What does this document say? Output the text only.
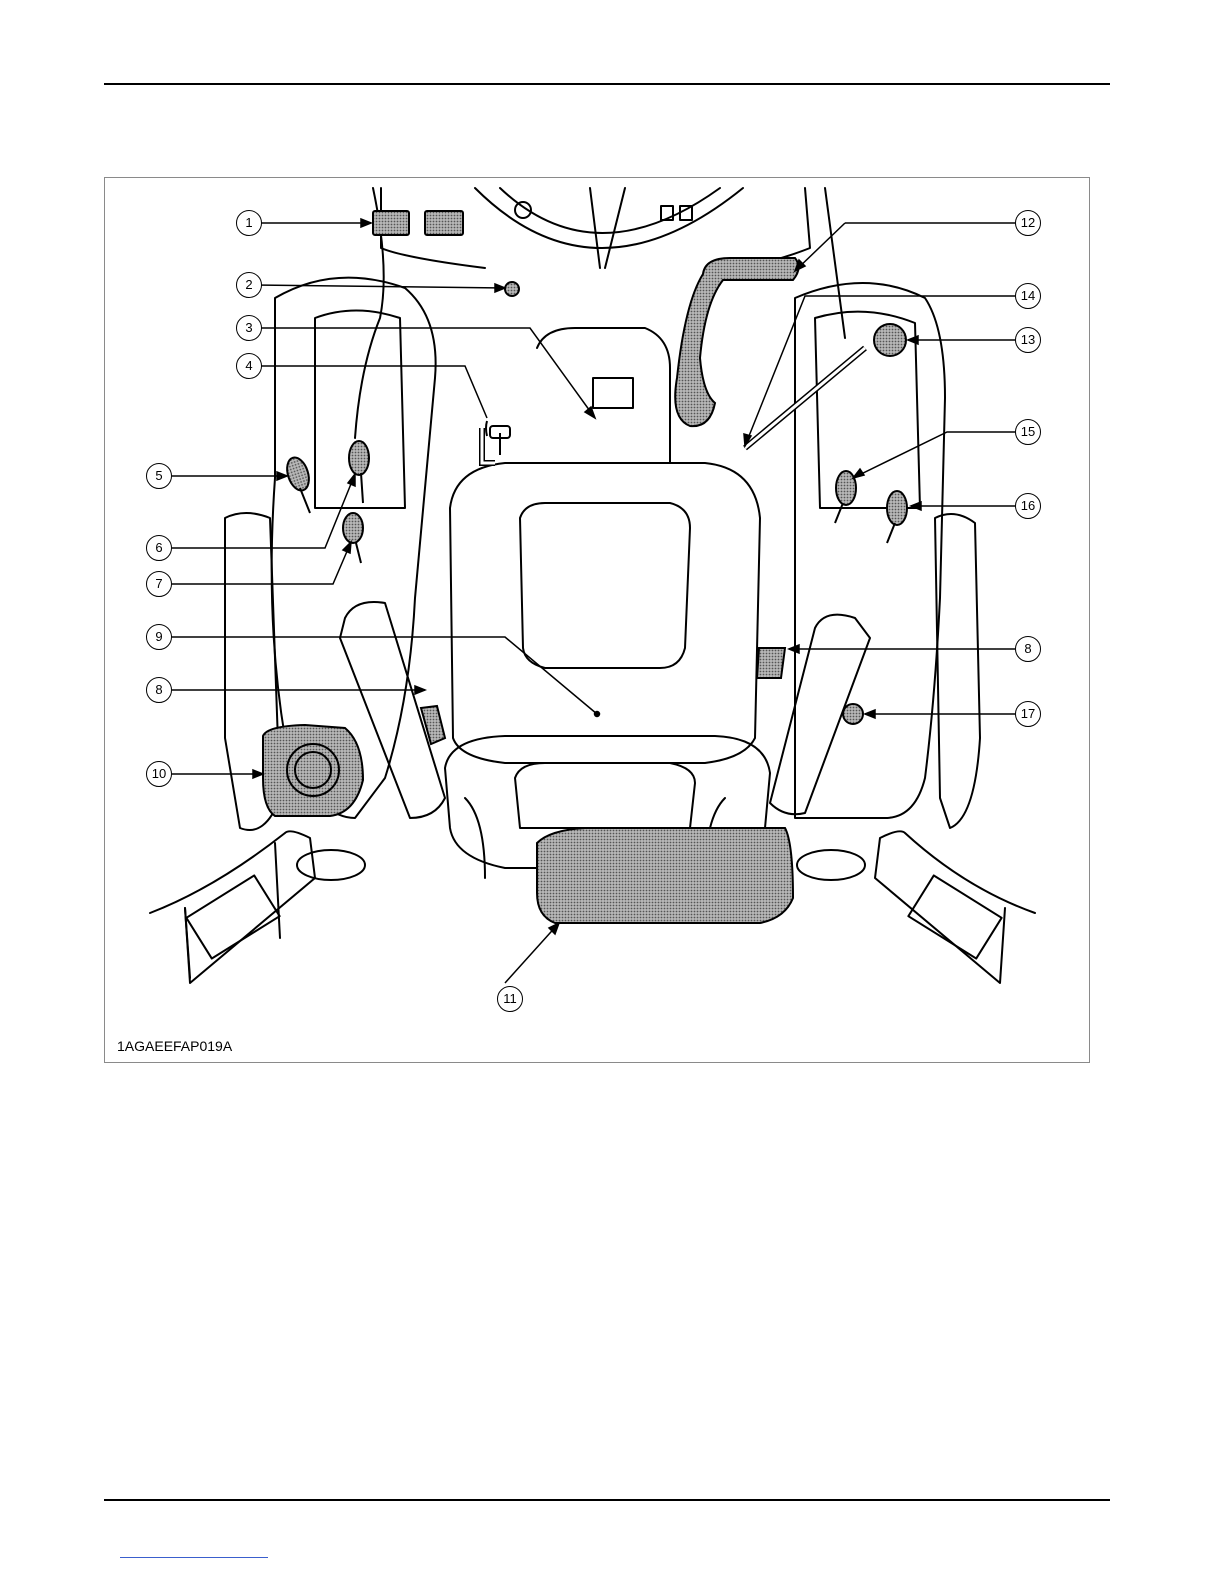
1
2
3
4
5
6
7
9
8
10
11
12
13
14
15
16
8
17
1AGAEEFAP019A
